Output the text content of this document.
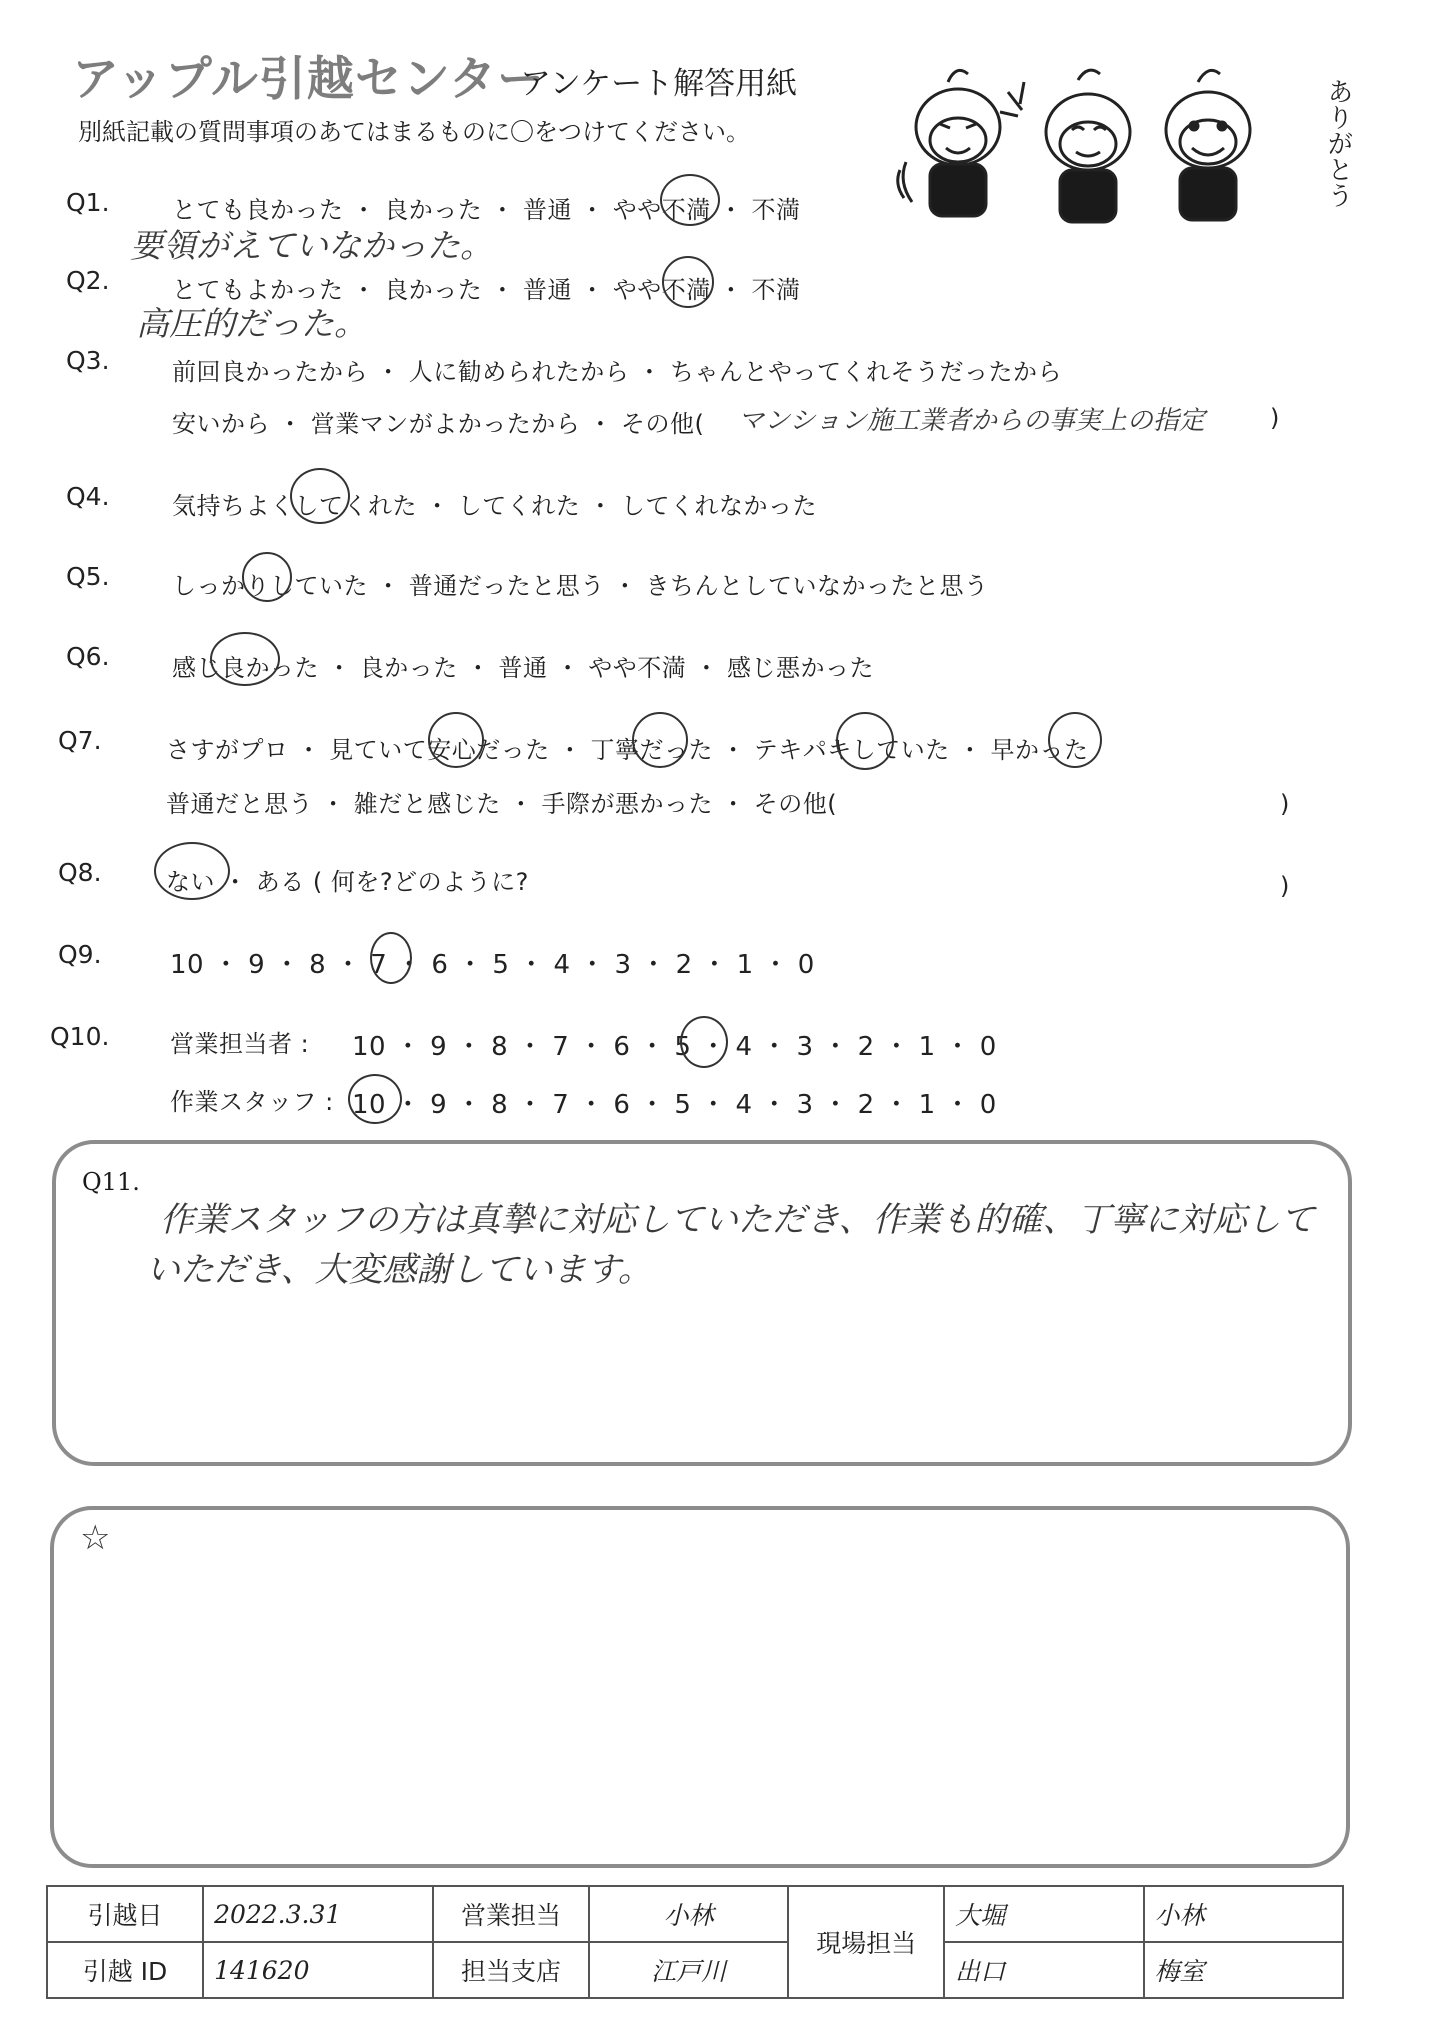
アップル引越センター
アンケート解答用紙
別紙記載の質問事項のあてはまるものに〇をつけてください。	ありがとう
Q1.	とても良かった ・ 良かった ・ 普通 ・ やや不満 ・ 不満
要領がえていなかった。
Q2.	とてもよかった ・ 良かった ・ 普通 ・ やや不満 ・ 不満
高圧的だった。
Q3.	前回良かったから ・ 人に勧められたから ・ ちゃんとやってくれそうだったから
安いから ・ 営業マンがよかったから ・ その他( マンション施工業者からの事実上の指定	)
Q4.	気持ちよくしてくれた ・ してくれた ・ してくれなかった
Q5.	しっかりしていた ・ 普通だったと思う ・ きちんとしていなかったと思う
Q6.	感じ良かった ・ 良かった ・ 普通 ・ やや不満 ・ 感じ悪かった
Q7.	さすがプロ ・ 見ていて安心だった ・ 丁寧だった ・ テキパキしていた ・ 早かった
普通だと思う ・ 雑だと感じた ・ 手際が悪かった ・ その他(	)
Q8.	ない ・ ある ( 何を?どのように?	)
Q9.	10 ・ 9 ・ 8 ・ 7 ・ 6 ・ 5 ・ 4 ・ 3 ・ 2 ・ 1 ・ 0
Q10.	営業担当者 : 10 ・ 9 ・ 8 ・ 7 ・ 6 ・ 5 ・ 4 ・ 3 ・ 2 ・ 1 ・ 0
作業スタッフ : 10 ・ 9 ・ 8 ・ 7 ・ 6 ・ 5 ・ 4 ・ 3 ・ 2 ・ 1 ・ 0
Q11.
作業スタッフの方は真摯に対応していただき、作業も的確、丁寧に対応して
いただき、大変感謝しています。
☆
引越日	2022.3.31	営業担当	小林	現場担当	大堀	小林
引越 ID	141620	担当支店	江戸川		出口	梅室
